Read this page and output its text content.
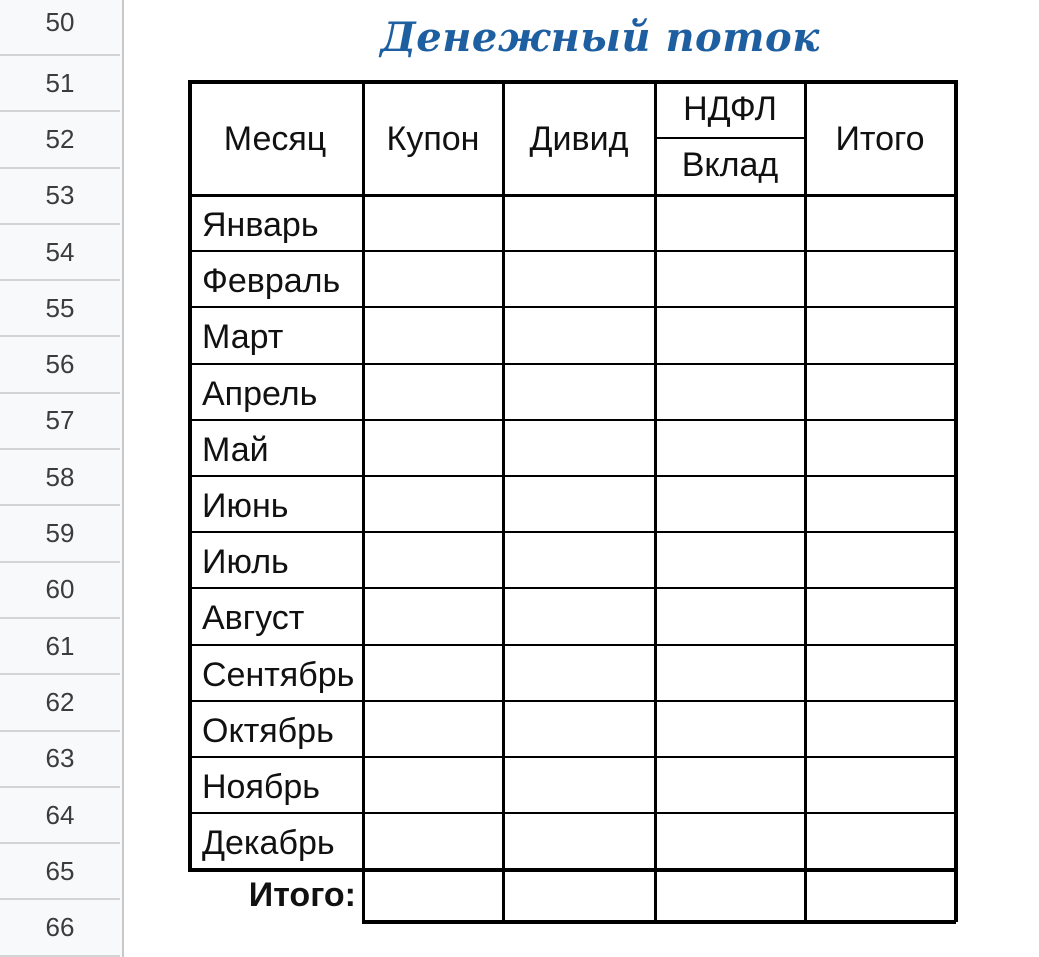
50
51
52
53
54
55
56
57
58
59
60
61
62
63
64
65
66
Денежный поток
Месяц	Купон	Дивид
НДФЛ
Вклад
Итого
Январь
Февраль
Март
Апрель
Май
Июнь
Июль
Август
Сентябрь
Октябрь
Ноябрь
Декабрь
Итого:
